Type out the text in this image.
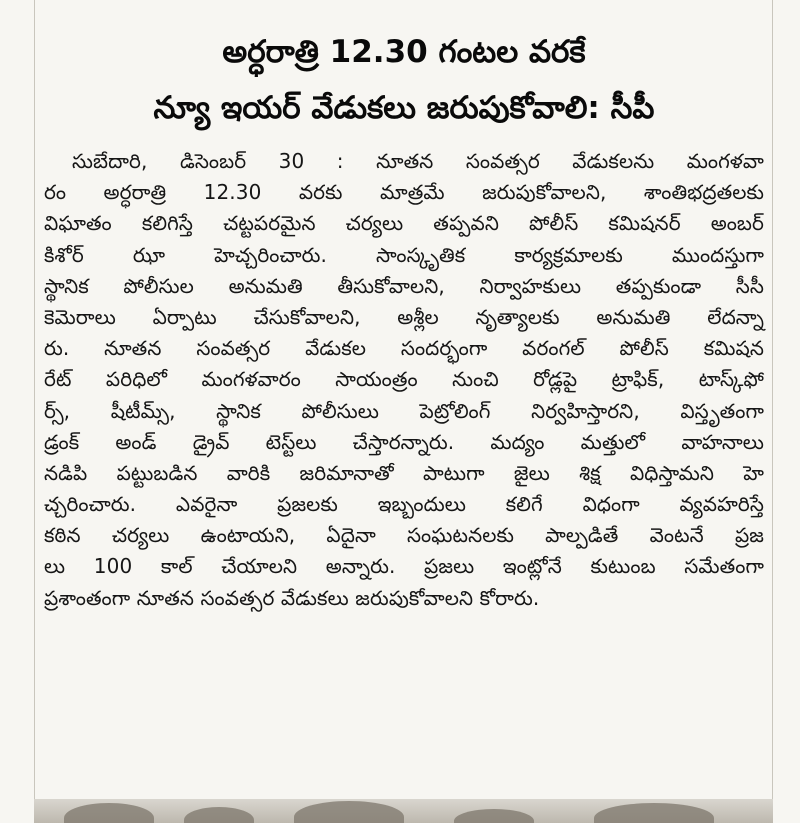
అర్ధరాత్రి 12.30 గంటల వరకే
న్యూ ఇయర్ వేడుకలు జరుపుకోవాలి: సీపీ
సుబేదారి, డిసెంబర్ 30 : నూతన సంవత్సర వేడుకలను మంగళవా
రం అర్ధరాత్రి 12.30 వరకు మాత్రమే జరుపుకోవాలని, శాంతిభద్రతలకు
విఘాతం కలిగిస్తే చట్టపరమైన చర్యలు తప్పవని పోలీస్ కమిషనర్ అంబర్
కిశోర్ ఝా హెచ్చరించారు. సాంస్కృతిక కార్యక్రమాలకు ముందస్తుగా
స్థానిక పోలీసుల అనుమతి తీసుకోవాలని, నిర్వాహకులు తప్పకుండా సీసీ
కెమెరాలు ఏర్పాటు చేసుకోవాలని, అశ్లీల నృత్యాలకు అనుమతి లేదన్నా
రు. నూతన సంవత్సర వేడుకల సందర్భంగా వరంగల్ పోలీస్ కమిషన
రేట్ పరిధిలో మంగళవారం సాయంత్రం నుంచి రోడ్లపై ట్రాఫిక్, టాస్క్‌ఫో
ర్స్, షీటీమ్స్, స్థానిక పోలీసులు పెట్రోలింగ్ నిర్వహిస్తారని, విస్తృతంగా
డ్రంక్ అండ్ డ్రైవ్ టెస్ట్‌లు చేస్తారన్నారు. మద్యం మత్తులో వాహనాలు
నడిపి పట్టుబడిన వారికి జరిమానాతో పాటుగా జైలు శిక్ష విధిస్తామని హె
చ్చరించారు. ఎవరైనా ప్రజలకు ఇబ్బందులు కలిగే విధంగా వ్యవహరిస్తే
కఠిన చర్యలు ఉంటాయని, ఏదైనా సంఘటనలకు పాల్పడితే వెంటనే ప్రజ
లు 100 కాల్ చేయాలని అన్నారు. ప్రజలు ఇంట్లోనే కుటుంబ సమేతంగా
ప్రశాంతంగా నూతన సంవత్సర వేడుకలు జరుపుకోవాలని కోరారు.
